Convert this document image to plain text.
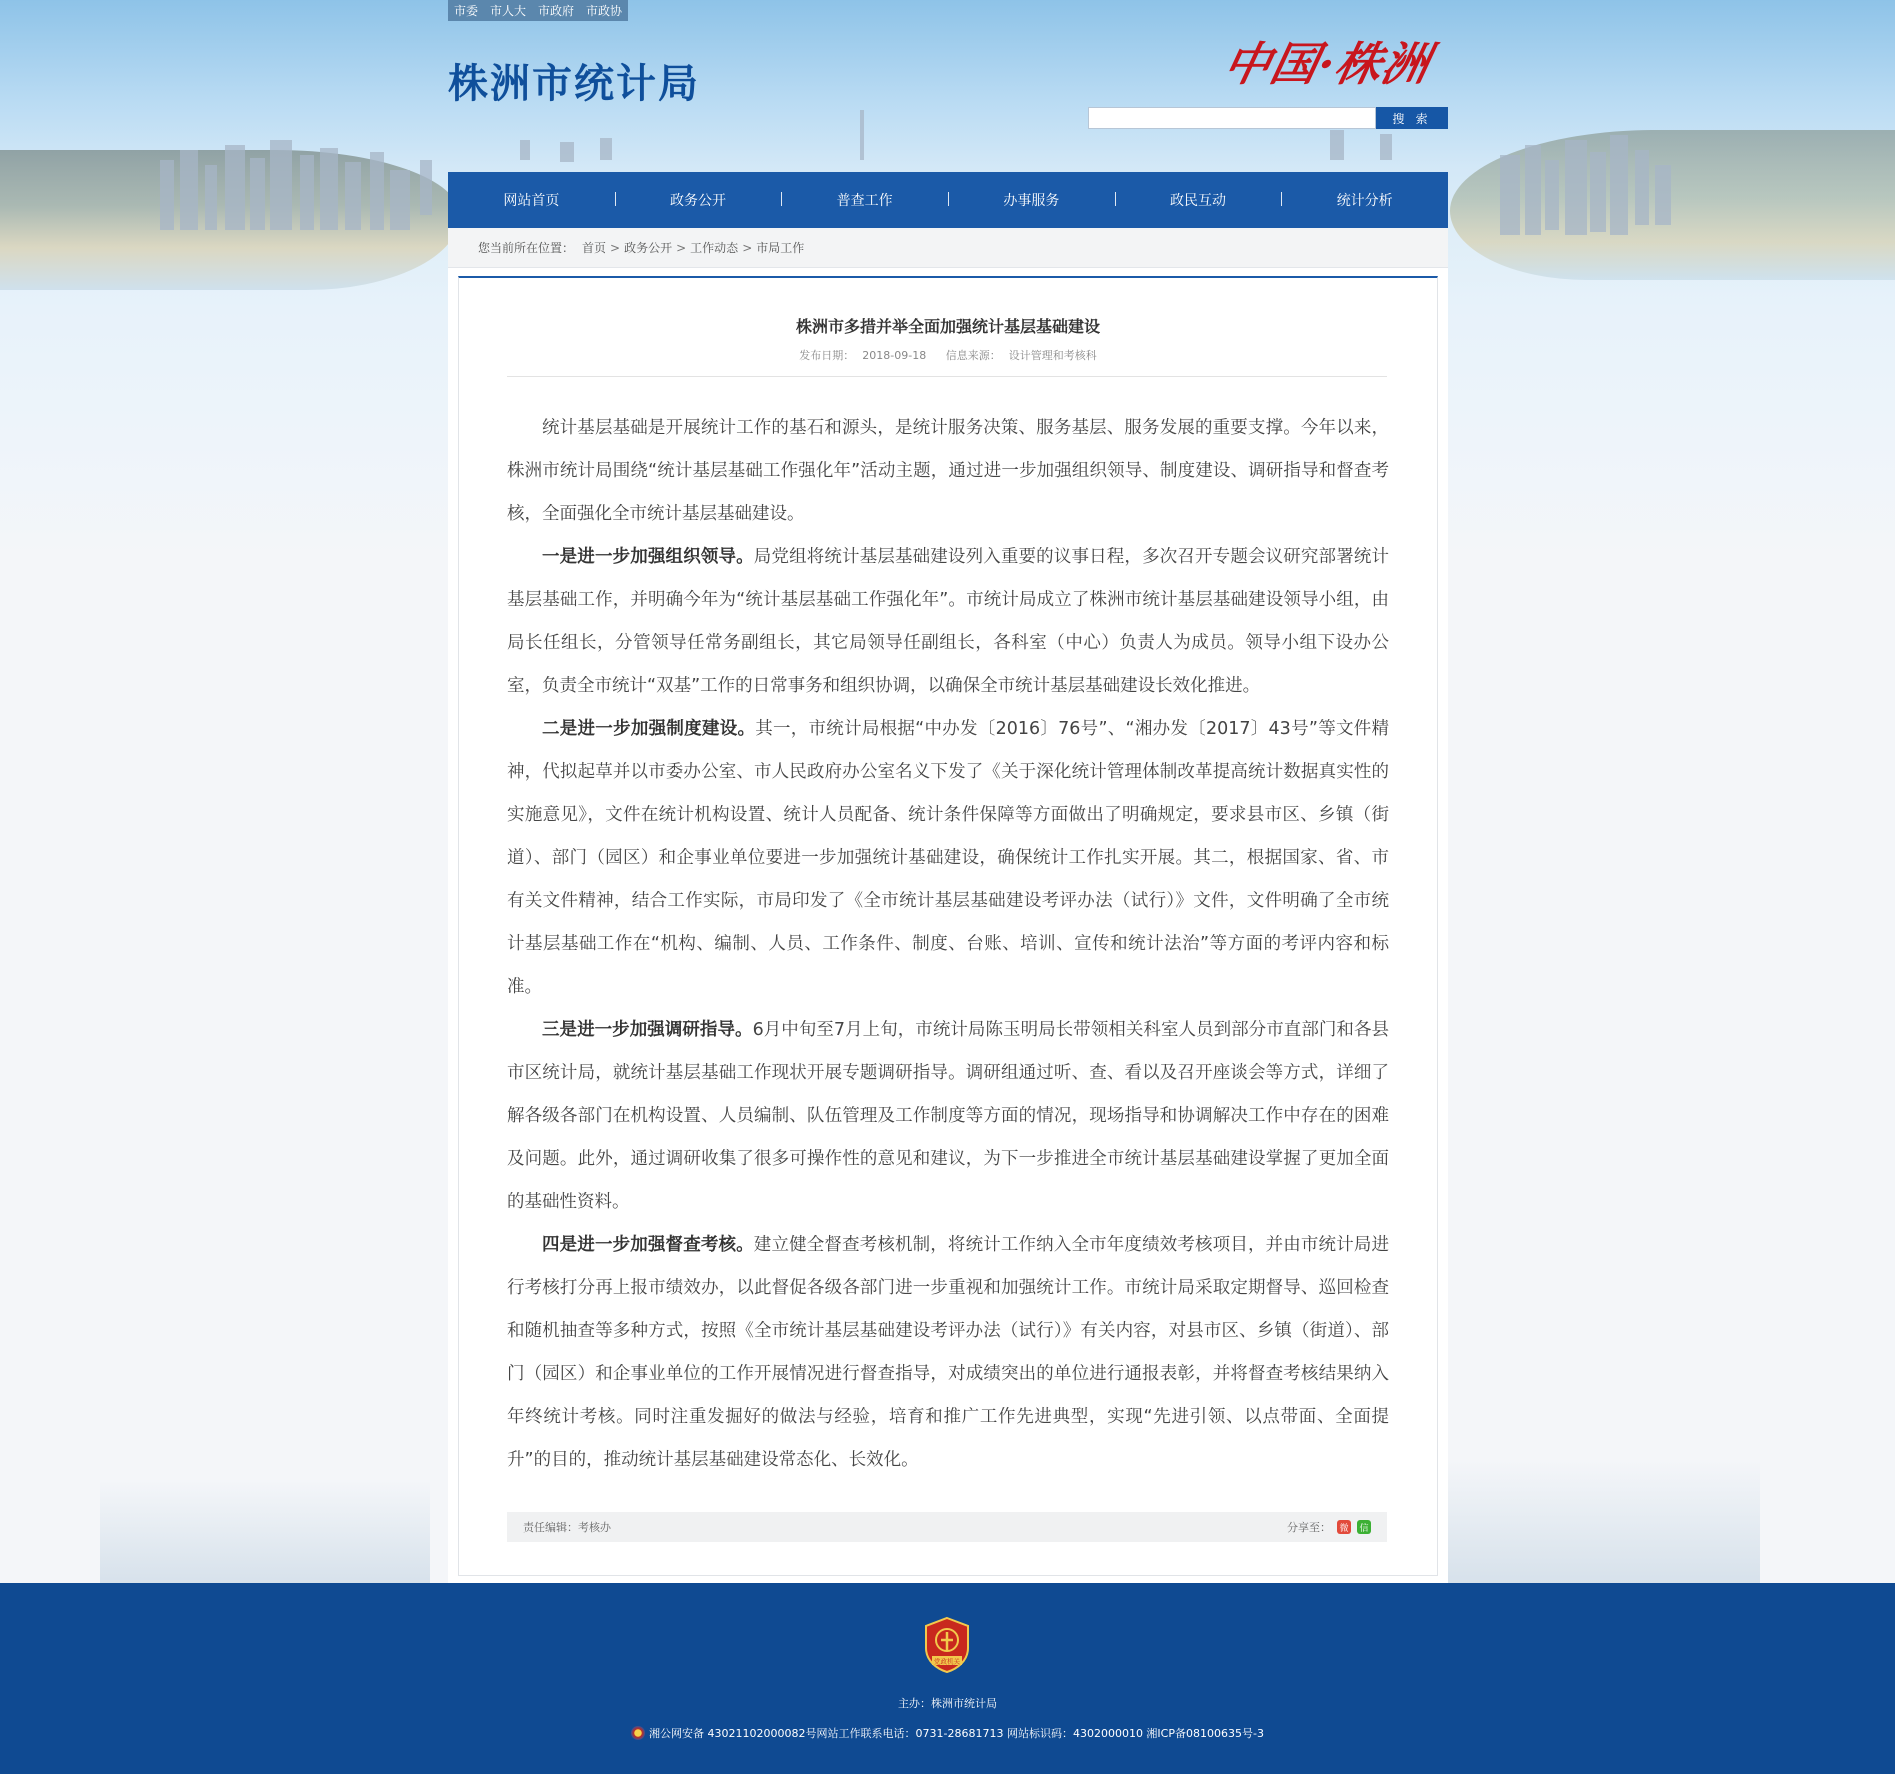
市委 市人大 市政府 市政协
株洲市统计局	中国·株洲
搜 索
网站首页	政务公开	普查工作	办事服务	政民互动	统计分析
您当前所在位置： 首页 > 政务公开 > 工作动态 > 市局工作
株洲市多措并举全面加强统计基层基础建设
发布日期： 2018-09-18 信息来源： 设计管理和考核科

统计基层基础是开展统计工作的基石和源头，是统计服务决策、服务基层、服务发展的重要支撑。今年以来，株洲市统计局围绕“统计基层基础工作强化年”活动主题，通过进一步加强组织领导、制度建设、调研指导和督查考核，全面强化全市统计基层基础建设。

一是进一步加强组织领导。局党组将统计基层基础建设列入重要的议事日程，多次召开专题会议研究部署统计基层基础工作，并明确今年为“统计基层基础工作强化年”。市统计局成立了株洲市统计基层基础建设领导小组，由局长任组长，分管领导任常务副组长，其它局领导任副组长，各科室（中心）负责人为成员。领导小组下设办公室，负责全市统计“双基”工作的日常事务和组织协调，以确保全市统计基层基础建设长效化推进。

二是进一步加强制度建设。其一，市统计局根据“中办发〔2016〕76号”、“湘办发〔2017〕43号”等文件精神，代拟起草并以市委办公室、市人民政府办公室名义下发了《关于深化统计管理体制改革提高统计数据真实性的实施意见》，文件在统计机构设置、统计人员配备、统计条件保障等方面做出了明确规定，要求县市区、乡镇（街道）、部门（园区）和企事业单位要进一步加强统计基础建设，确保统计工作扎实开展。其二，根据国家、省、市有关文件精神，结合工作实际，市局印发了《全市统计基层基础建设考评办法（试行）》文件，文件明确了全市统计基层基础工作在“机构、编制、人员、工作条件、制度、台账、培训、宣传和统计法治”等方面的考评内容和标准。

三是进一步加强调研指导。6月中旬至7月上旬，市统计局陈玉明局长带领相关科室人员到部分市直部门和各县市区统计局，就统计基层基础工作现状开展专题调研指导。调研组通过听、查、看以及召开座谈会等方式，详细了解各级各部门在机构设置、人员编制、队伍管理及工作制度等方面的情况，现场指导和协调解决工作中存在的困难及问题。此外，通过调研收集了很多可操作性的意见和建议，为下一步推进全市统计基层基础建设掌握了更加全面的基础性资料。

四是进一步加强督查考核。建立健全督查考核机制，将统计工作纳入全市年度绩效考核项目，并由市统计局进行考核打分再上报市绩效办，以此督促各级各部门进一步重视和加强统计工作。市统计局采取定期督导、巡回检查和随机抽查等多种方式，按照《全市统计基层基础建设考评办法（试行）》有关内容，对县市区、乡镇（街道）、部门（园区）和企事业单位的工作开展情况进行督查指导，对成绩突出的单位进行通报表彰，并将督查考核结果纳入年终统计考核。同时注重发掘好的做法与经验，培育和推广工作先进典型，实现“先进引领、以点带面、全面提升”的目的，推动统计基层基础建设常态化、长效化。

责任编辑：考核办	分享至： 微 信
党政机关
主办：株洲市统计局
湘公网安备 43021102000082号网站工作联系电话：0731-28681713 网站标识码：4302000010 湘ICP备08100635号-3
